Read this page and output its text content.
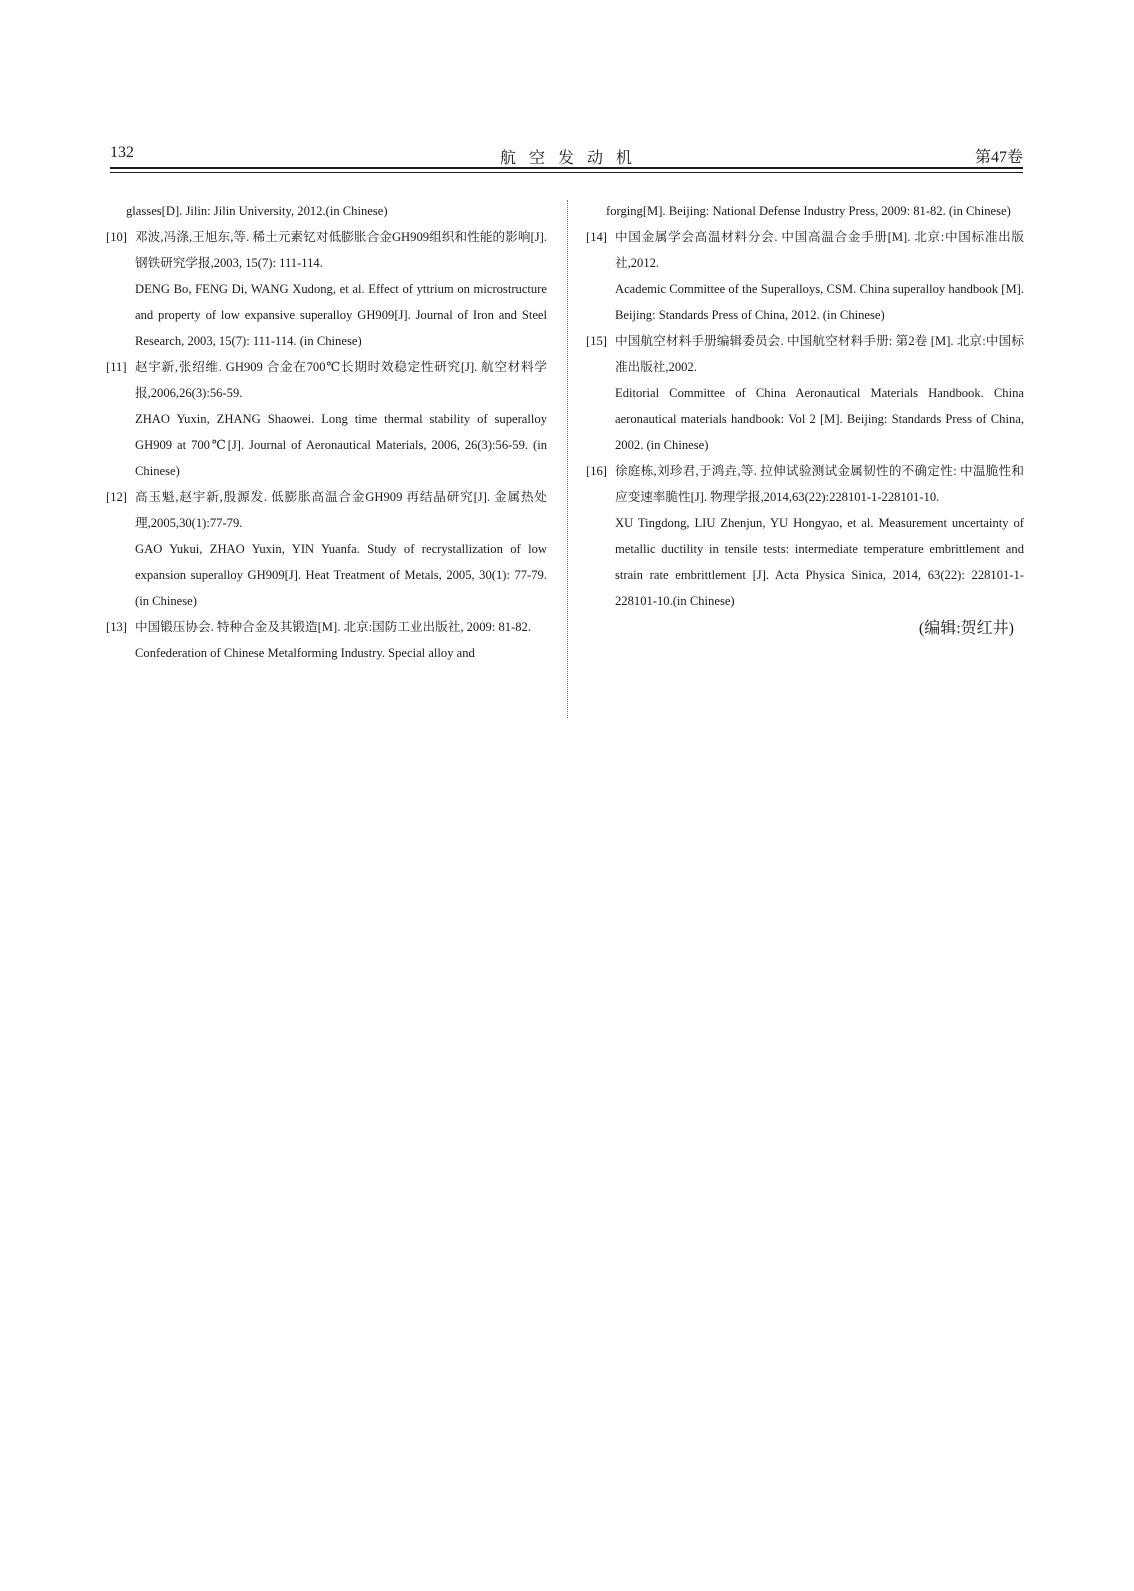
132	航空发动机	第47卷
glasses[D]. Jilin: Jilin University, 2012.(in Chinese)
[10] 邓波,冯涤,王旭东,等. 稀土元素钇对低膨胀合金GH909组织和性能的影响[J]. 钢铁研究学报,2003, 15(7): 111-114.
DENG Bo, FENG Di, WANG Xudong, et al. Effect of yttrium on microstructure and property of low expansive superalloy GH909[J]. Journal of Iron and Steel Research, 2003, 15(7): 111-114. (in Chinese)
[11] 赵宇新,张绍维. GH909 合金在700℃长期时效稳定性研究[J]. 航空材料学报,2006,26(3):56-59.
ZHAO Yuxin, ZHANG Shaowei. Long time thermal stability of superalloy GH909 at 700℃[J]. Journal of Aeronautical Materials, 2006, 26(3):56-59. (in Chinese)
[12] 高玉魁,赵宇新,殷源发. 低膨胀高温合金GH909 再结晶研究[J]. 金属热处理,2005,30(1):77-79.
GAO Yukui, ZHAO Yuxin, YIN Yuanfa. Study of recrystallization of low expansion superalloy GH909[J]. Heat Treatment of Metals, 2005, 30(1): 77-79. (in Chinese)
[13] 中国锻压协会. 特种合金及其锻造[M]. 北京:国防工业出版社, 2009: 81-82.
Confederation of Chinese Metalforming Industry. Special alloy and
forging[M]. Beijing: National Defense Industry Press, 2009: 81-82. (in Chinese)
[14] 中国金属学会高温材料分会. 中国高温合金手册[M]. 北京:中国标准出版社,2012.
Academic Committee of the Superalloys, CSM. China superalloy handbook [M]. Beijing: Standards Press of China, 2012. (in Chinese)
[15] 中国航空材料手册编辑委员会. 中国航空材料手册: 第2卷 [M]. 北京:中国标准出版社,2002.
Editorial Committee of China Aeronautical Materials Handbook. China aeronautical materials handbook: Vol 2 [M]. Beijing: Standards Press of China, 2002. (in Chinese)
[16] 徐庭栋,刘珍君,于鸿垚,等. 拉伸试验测试金属韧性的不确定性: 中温脆性和应变速率脆性[J]. 物理学报,2014,63(22):228101-1-228101-10.
XU Tingdong, LIU Zhenjun, YU Hongyao, et al. Measurement uncertainty of metallic ductility in tensile tests: intermediate temperature embrittlement and strain rate embrittlement [J]. Acta Physica Sinica, 2014, 63(22): 228101-1-228101-10.(in Chinese)
(编辑:贺红井)
